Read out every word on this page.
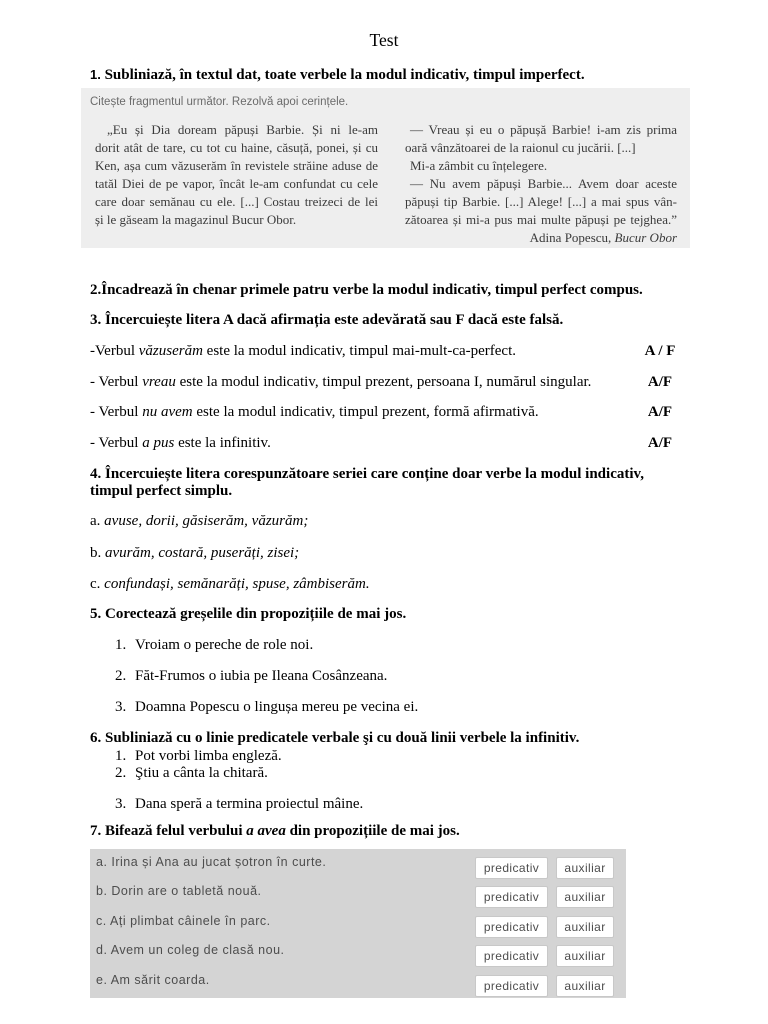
Test
1. Subliniază, în textul dat, toate verbele la modul indicativ, timpul imperfect.
Citește fragmentul următor. Rezolvă apoi cerințele.
„Eu și Dia doream păpuși Barbie. Și ni le-am
dorit atât de tare, cu tot cu haine, căsuță, ponei, și cu
Ken, așa cum văzuserăm în revistele străine aduse de
tatăl Diei de pe vapor, încât le-am confundat cu cele
care doar semănau cu ele. [...] Costau treizeci de lei
și le găseam la magazinul Bucur Obor.
— Vreau și eu o păpușă Barbie! i-am zis prima
oară vânzătoarei de la raionul cu jucării. [...]
Mi-a zâmbit cu înțelegere.
— Nu avem păpuși Barbie... Avem doar aceste
păpuși tip Barbie. [...] Alege! [...] a mai spus vân-
zătoarea și mi-a pus mai multe păpuși pe tejghea.”
Adina Popescu, Bucur Obor
2.Încadrează în chenar primele patru verbe la modul indicativ, timpul perfect compus.
3. Încercuiește litera A dacă afirmația este adevărată sau F dacă este falsă.
-Verbul văzuserăm este la modul indicativ, timpul mai-mult-ca-perfect.	A / F
- Verbul vreau este la modul indicativ, timpul prezent, persoana I, numărul singular.	A/F
- Verbul nu avem este la modul indicativ, timpul prezent, formă afirmativă.	A/F
- Verbul a pus este la infinitiv.	A/F
4. Încercuiește litera corespunzătoare seriei care conține doar verbe la modul indicativ, timpul perfect simplu.
a. avuse, dorii, găsiserăm, văzurăm;
b. avurăm, costară, puserăți, zisei;
c. confundași, semănarăți, spuse, zâmbiserăm.
5. Corectează greșelile din propozițiile de mai jos.
1. Vroiam o pereche de role noi.
2. Făt-Frumos o iubia pe Ileana Cosânzeana.
3. Doamna Popescu o lingușa mereu pe vecina ei.
6. Subliniază cu o linie predicatele verbale şi cu două linii verbele la infinitiv.
1. Pot vorbi limba engleză.
2. Ştiu a cânta la chitară.
3. Dana speră a termina proiectul mâine.
7. Bifează felul verbului a avea din propozițiile de mai jos.
a. Irina și Ana au jucat șotron în curte.	predicativ	auxiliar
b. Dorin are o tabletă nouă.	predicativ	auxiliar
c. Ați plimbat câinele în parc.	predicativ	auxiliar
d. Avem un coleg de clasă nou.	predicativ	auxiliar
e. Am sărit coarda.	predicativ	auxiliar
